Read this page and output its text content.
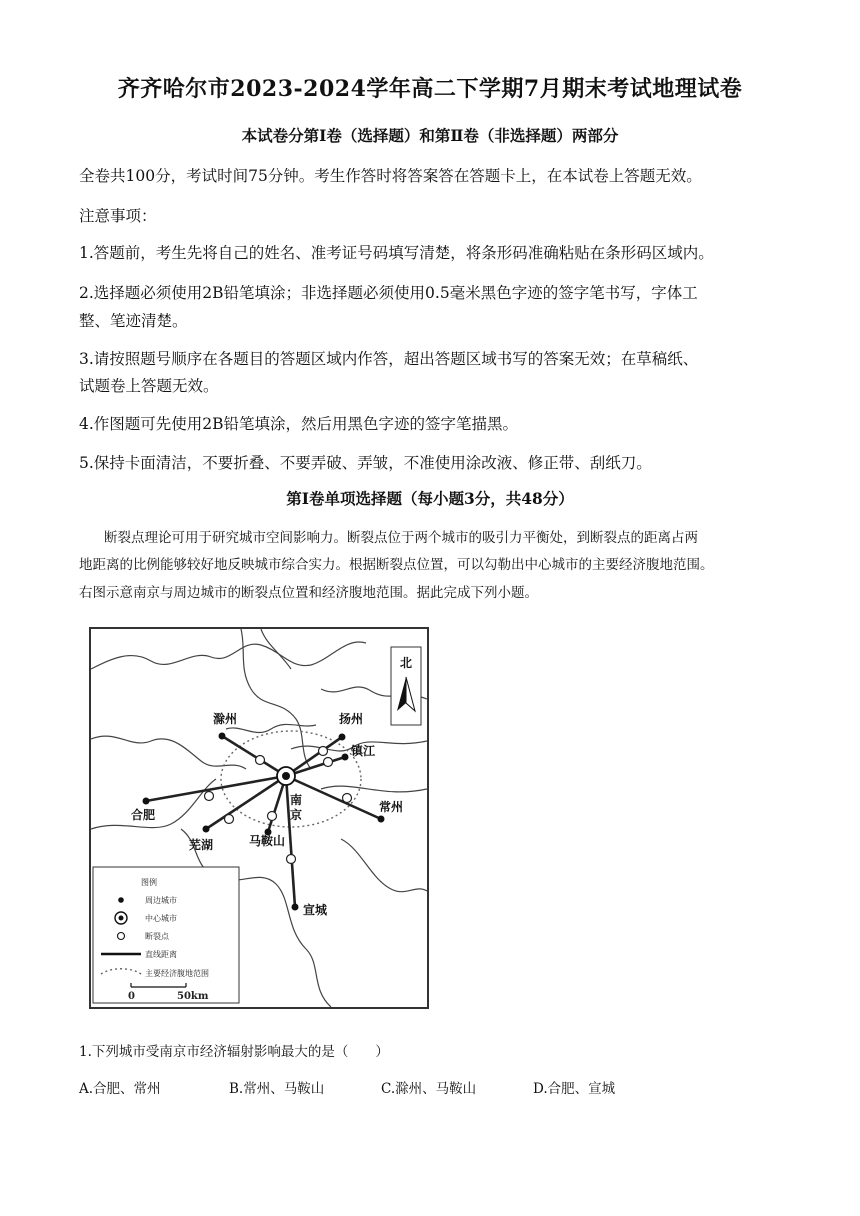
齐齐哈尔市2023-2024学年高二下学期7月期末考试地理试卷
本试卷分第Ⅰ卷（选择题）和第Ⅱ卷（非选择题）两部分
全卷共100分，考试时间75分钟。考生作答时将答案答在答题卡上，在本试卷上答题无效。
注意事项：
1.答题前，考生先将自己的姓名、准考证号码填写清楚，将条形码准确粘贴在条形码区域内。
2.选择题必须使用2B铅笔填涂；非选择题必须使用0.5毫米黑色字迹的签字笔书写，字体工
整、笔迹清楚。
3.请按照题号顺序在各题目的答题区域内作答，超出答题区域书写的答案无效；在草稿纸、
试题卷上答题无效。
4.作图题可先使用2B铅笔填涂，然后用黑色字迹的签字笔描黑。
5.保持卡面清洁，不要折叠、不要弄破、弄皱，不准使用涂改液、修正带、刮纸刀。
第Ⅰ卷单项选择题（每小题3分，共48分）
断裂点理论可用于研究城市空间影响力。断裂点位于两个城市的吸引力平衡处，到断裂点的距离占两
地距离的比例能够较好地反映城市综合实力。根据断裂点位置，可以勾勒出中心城市的主要经济腹地范围。
右图示意南京与周边城市的断裂点位置和经济腹地范围。据此完成下列小题。
滁州	扬州
镇江
南
京
合肥
常州
芜湖	马鞍山
宣城
北
图例
周边城市
中心城市
断裂点
直线距离
主要经济腹地范围
0	50km
1.下列城市受南京市经济辐射影响最大的是（　　）
A.合肥、常州	B.常州、马鞍山	C.滁州、马鞍山	D.合肥、宣城
